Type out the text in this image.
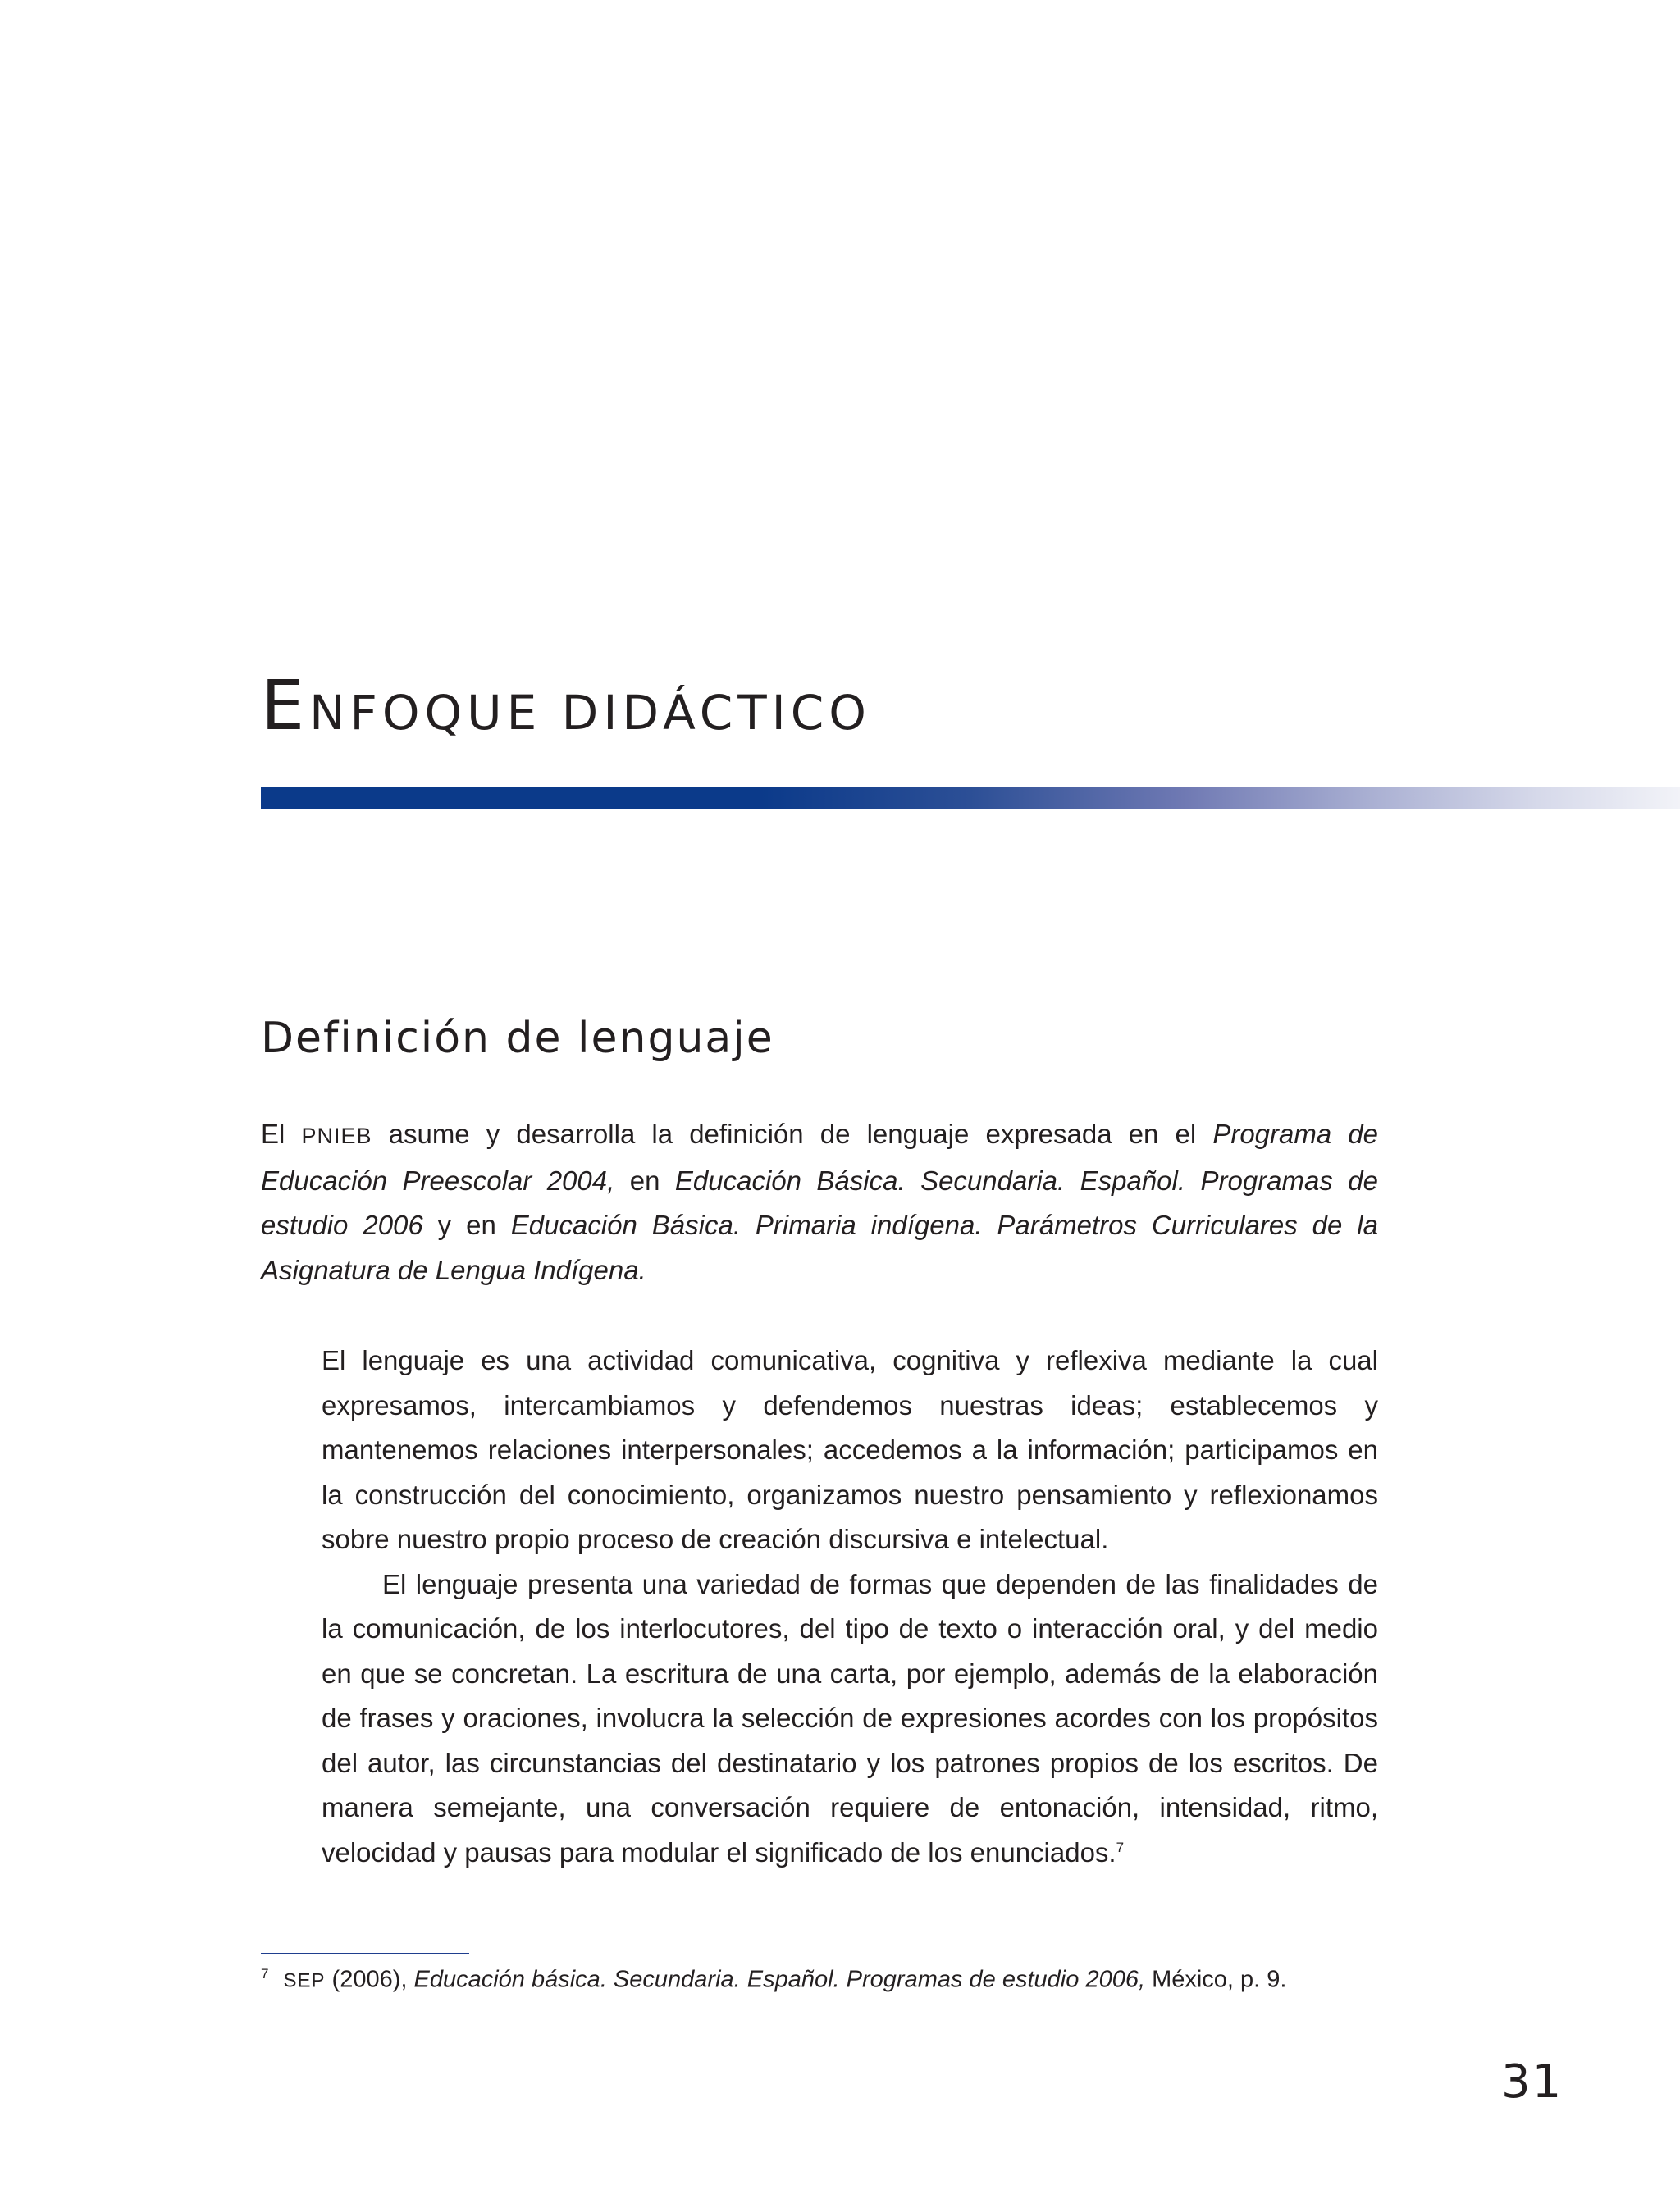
ENFOQUE DIDÁCTICO
Definición de lenguaje

El PNIEB asume y desarrolla la definición de lenguaje expresada en el Programa de Educación Preescolar 2004, en Educación Básica. Secundaria. Español. Programas de estudio 2006 y en Educación Básica. Primaria indígena. Parámetros Curriculares de la Asignatura de Lengua Indígena.

El lenguaje es una actividad comunicativa, cognitiva y reflexiva mediante la cual expresamos, intercambiamos y defendemos nuestras ideas; establecemos y mantenemos relaciones interpersonales; accedemos a la información; participamos en la construcción del conocimiento, organizamos nuestro pensamiento y reflexionamos sobre nuestro propio proceso de creación discursiva e intelectual.

El lenguaje presenta una variedad de formas que dependen de las finalidades de la comunicación, de los interlocutores, del tipo de texto o interacción oral, y del medio en que se concretan. La escritura de una carta, por ejemplo, además de la elaboración de frases y oraciones, involucra la selección de expresiones acordes con los propósitos del autor, las circunstancias del destinatario y los patrones propios de los escritos. De manera semejante, una conversación requiere de entonación, intensidad, ritmo, velocidad y pausas para modular el significado de los enunciados.$^7$

$^7$ SEP (2006), Educación básica. Secundaria. Español. Programas de estudio 2006, México, p. 9.

31
